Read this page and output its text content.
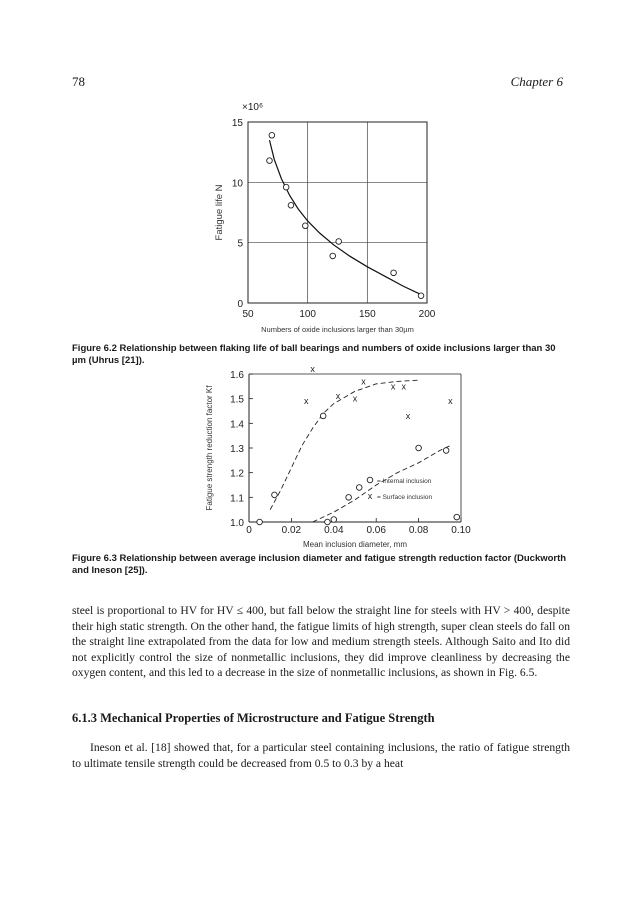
78	Chapter 6
50	100	150	200
0
5
10
15
×10⁶
Numbers of oxide inclusions larger than 30µm
Fatigue life N
Figure 6.2 Relationship between flaking life of ball bearings and numbers of oxide inclusions larger than 30 µm (Uhrus [21]).
0	0.02 0.04 0.06 0.08 0.10
1.0
1.1
1.2
1.3
1.4
1.5
1.6
Mean inclusion diameter, mm
Fatigue strength reduction factor Kf	x
x
x x
x	x x
x
x
= Internal inclusion
x = Surface inclusion
Figure 6.3 Relationship between average inclusion diameter and fatigue strength reduction factor (Duckworth and Ineson [25]).
steel is proportional to HV for HV ≤ 400, but fall below the straight line for steels with HV > 400, despite their high static strength. On the other hand, the fatigue limits of high strength, super clean steels do fall on the straight line extrapolated from the data for low and medium strength steels. Although Saito and Ito did not explicitly control the size of nonmetallic inclusions, they did improve cleanliness by decreasing the oxygen content, and this led to a decrease in the size of nonmetallic inclusions, as shown in Fig. 6.5.
6.1.3 Mechanical Properties of Microstructure and Fatigue Strength
Ineson et al. [18] showed that, for a particular steel containing inclusions, the ratio of fatigue strength to ultimate tensile strength could be decreased from 0.5 to 0.3 by a heat
